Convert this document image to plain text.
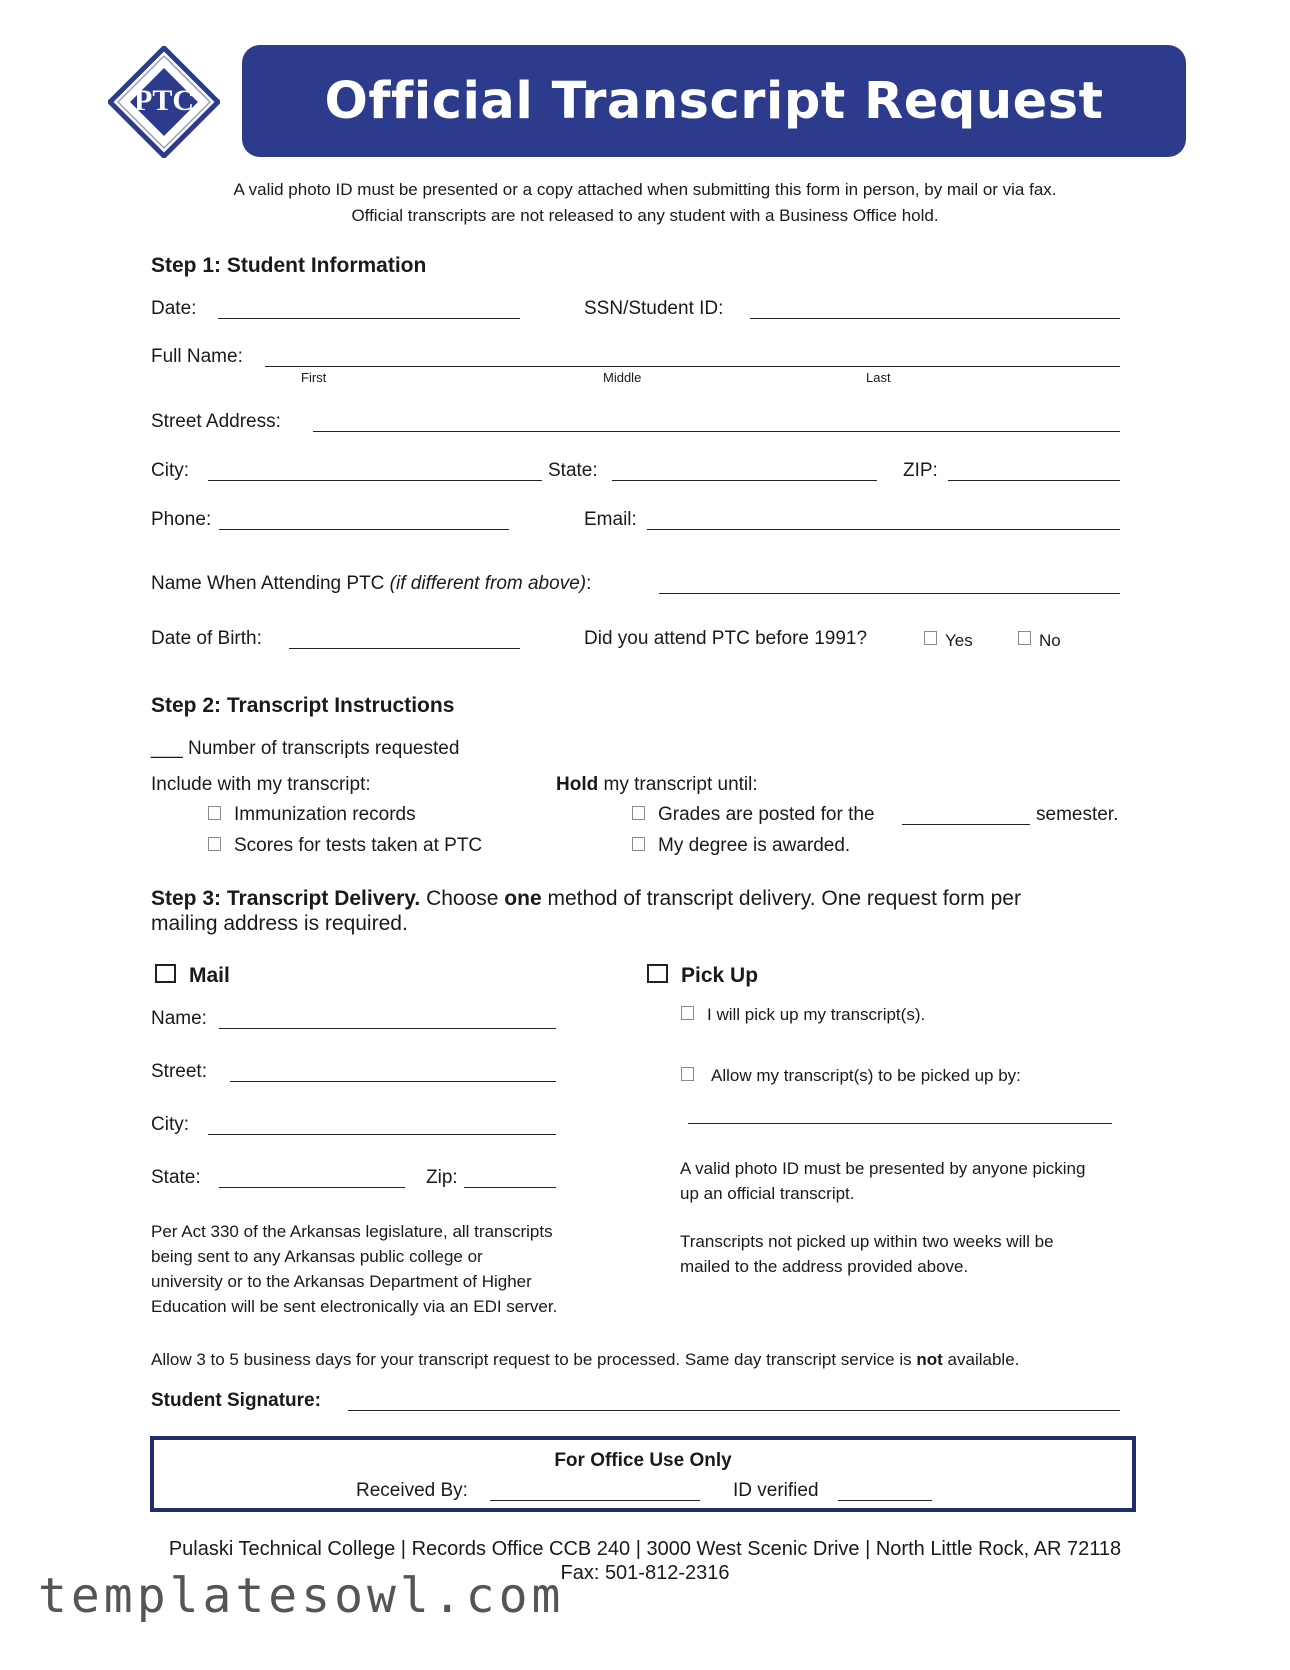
PTC	Official Transcript Request
A valid photo ID must be presented or a copy attached when submitting this form in person, by mail or via fax.
Official transcripts are not released to any student with a Business Office hold.
Step 1: Student Information
Date:	SSN/Student ID:
Full Name:
First	Middle	Last
Street Address:
City:	State:	ZIP:
Phone:	Email:
Name When Attending PTC (if different from above):
Date of Birth:	Did you attend PTC before 1991?	Yes	No
Step 2: Transcript Instructions
___ Number of transcripts requested
Include with my transcript:
Immunization records
Scores for tests taken at PTC
Hold my transcript until:
Grades are posted for the	semester.
My degree is awarded.
Step 3: Transcript Delivery. Choose one method of transcript delivery. One request form per
mailing address is required.
Mail
Name:
Street:
City:
State:	Zip:
Per Act 330 of the Arkansas legislature, all transcripts
being sent to any Arkansas public college or
university or to the Arkansas Department of Higher
Education will be sent electronically via an EDI server.
Pick Up
I will pick up my transcript(s).
Allow my transcript(s) to be picked up by:
A valid photo ID must be presented by anyone picking
up an official transcript.
Transcripts not picked up within two weeks will be
mailed to the address provided above.
Allow 3 to 5 business days for your transcript request to be processed. Same day transcript service is not available.
Student Signature:
For Office Use Only
Received By:	ID verified
Pulaski Technical College | Records Office CCB 240 | 3000 West Scenic Drive | North Little Rock, AR 72118
Fax: 501-812-2316
templatesowl.com
